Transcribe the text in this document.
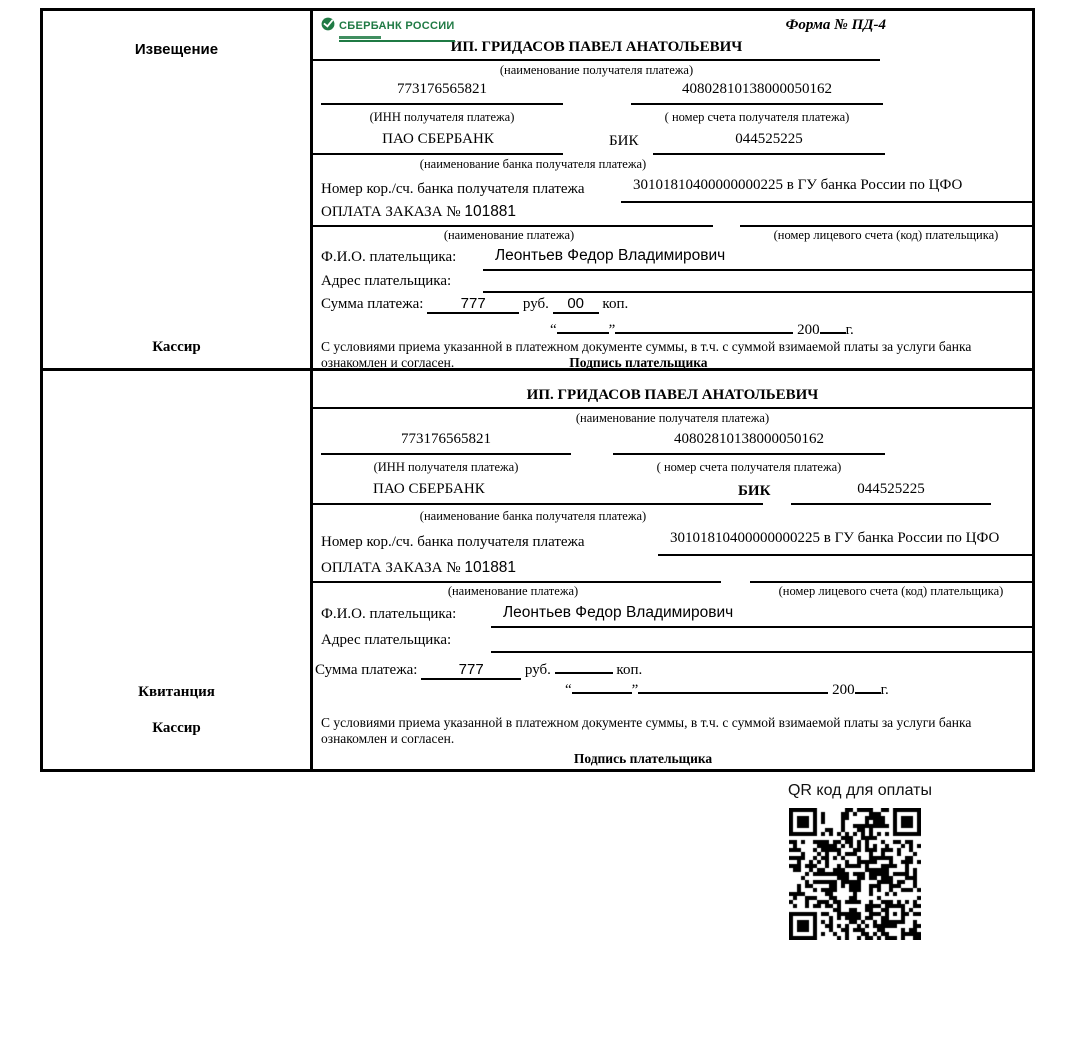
Извещение
Кассир
СБЕРБАНК РОССИИ	Форма № ПД-4
ИП. ГРИДАСОВ ПАВЕЛ АНАТОЛЬЕВИЧ
(наименование получателя платежа)
773176565821	40802810138000050162
(ИНН получателя платежа)	( номер счета получателя платежа)
ПАО СБЕРБАНК	БИК	044525225
(наименование банка получателя платежа)
Номер кор./сч. банка получателя платежа	30101810400000000225 в ГУ банка России по ЦФО
ОПЛАТА ЗАКАЗА № 101881
(наименование платежа)	(номер лицевого счета (код) плательщика)
Ф.И.О. плательщика:	Леонтьев Федор Владимирович
Адрес плательщика:
Сумма платежа: 777 руб. 00 коп.
“	”	200 г.
С условиями приема указанной в платежном документе суммы, в т.ч. с суммой взимаемой платы за услуги банка
ознакомлен и согласен.	Подпись плательщика
Квитанция
Кассир
ИП. ГРИДАСОВ ПАВЕЛ АНАТОЛЬЕВИЧ
(наименование получателя платежа)
773176565821	40802810138000050162
(ИНН получателя платежа)	( номер счета получателя платежа)
ПАО СБЕРБАНК	БИК	044525225
(наименование банка получателя платежа)
Номер кор./сч. банка получателя платежа	30101810400000000225 в ГУ банка России по ЦФО
ОПЛАТА ЗАКАЗА № 101881
(наименование платежа)	(номер лицевого счета (код) плательщика)
Ф.И.О. плательщика:	Леонтьев Федор Владимирович
Адрес плательщика:
Сумма платежа:	777	руб.	коп.
“	”	200 г.
С условиями приема указанной в платежном документе суммы, в т.ч. с суммой взимаемой платы за услуги банка
ознакомлен и согласен.
Подпись плательщика
QR код для оплаты
